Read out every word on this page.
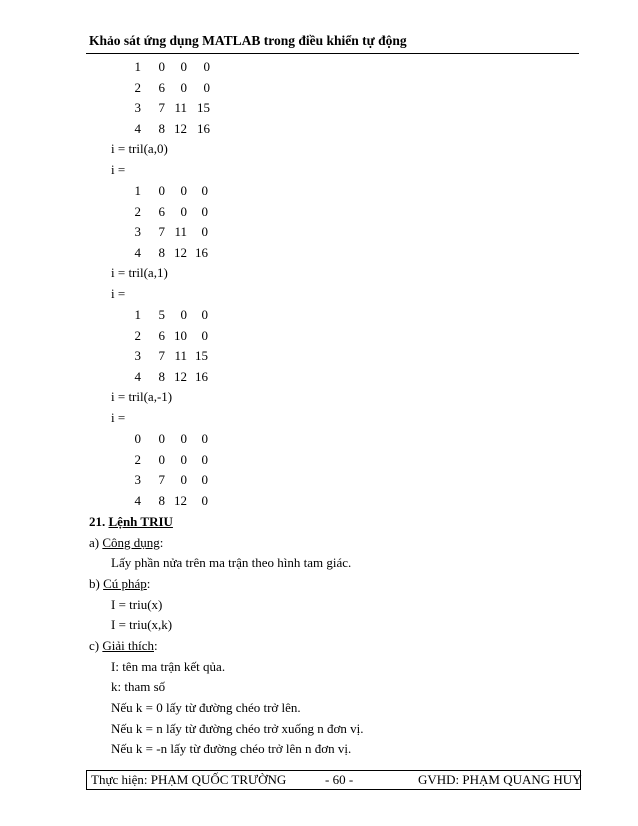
Khảo sát ứng dụng MATLAB trong điều khiển tự động
1	0	0	0
2	6	0	0
3	7 11 15
4	8 12 16
1	0	0	0
2	6	0	0
3	7 11	0
4	8 12 16
1	5	0	0
2	6 10	0
3	7 11 15
4	8 12 16
0	0	0	0
2	0	0	0
3	7	0	0
4	8 12	0
i = tril(a,0)
i =
i = tril(a,1)
i =
i = tril(a,-1)
i =
21. Lệnh TRIU
a) Công dụng:
Lấy phần nửa trên ma trận theo hình tam giác.
b) Cú pháp:
I = triu(x)
I = triu(x,k)
c) Giải thích:
I: tên ma trận kết qủa.
k: tham số
Nếu k = 0 lấy từ đường chéo trở lên.
Nếu k = n lấy từ đường chéo trở xuống n đơn vị.
Nếu k = -n lấy từ đường chéo trở lên n đơn vị.
Thực hiện: PHẠM QUỐC TRƯỜNG	- 60 -	GVHD: PHẠM QUANG HUY
